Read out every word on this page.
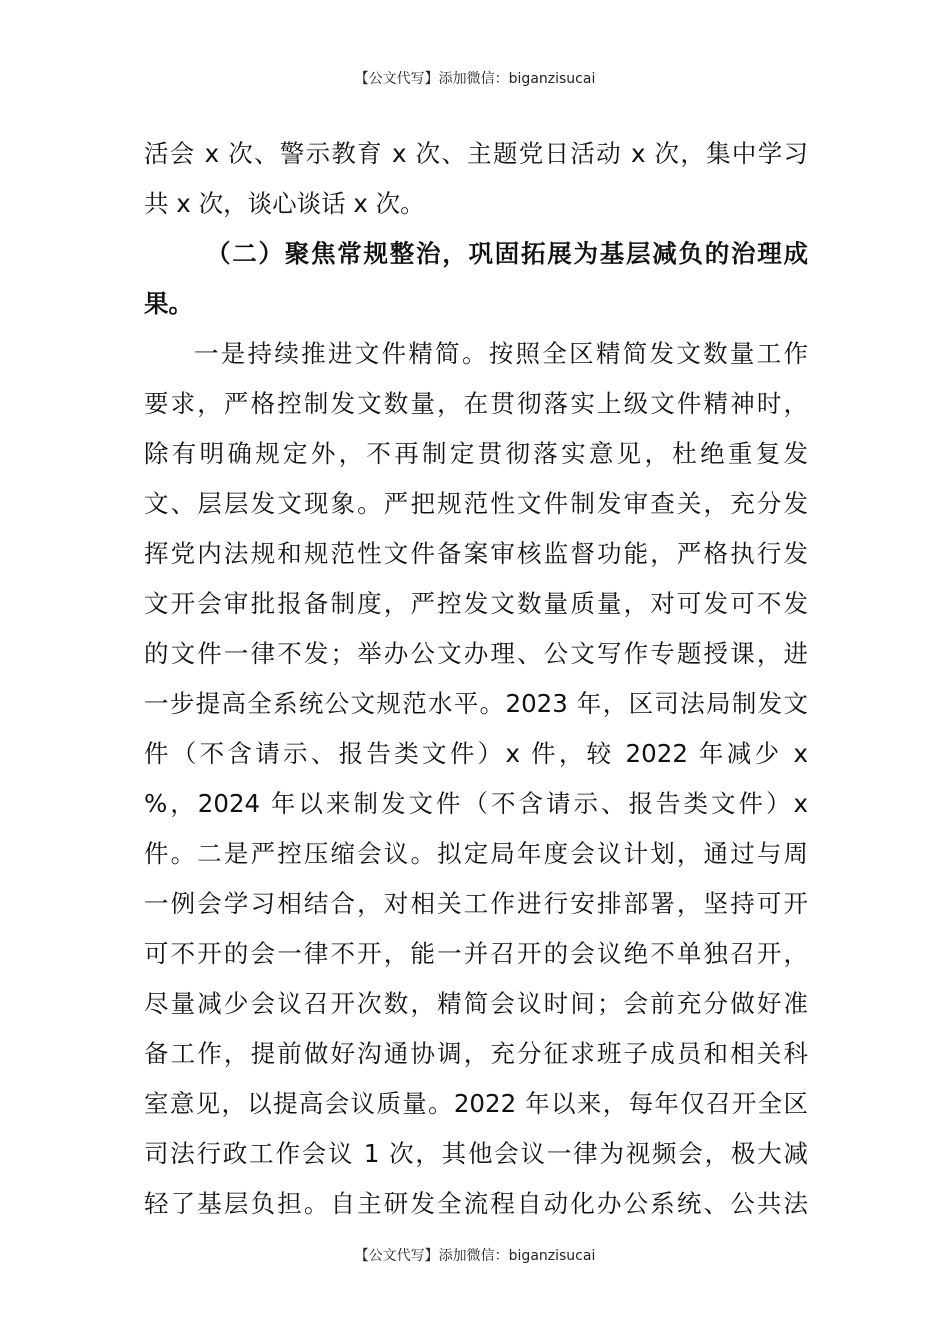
【公文代写】添加微信：biganzisucai
活会 x 次、警示教育 x 次、主题党日活动 x 次，集中学习
共 x 次，谈心谈话 x 次。
（二）聚焦常规整治，巩固拓展为基层减负的治理成
果。
一是持续推进文件精简。按照全区精简发文数量工作
要求，严格控制发文数量，在贯彻落实上级文件精神时，
除有明确规定外，不再制定贯彻落实意见，杜绝重复发
文、层层发文现象。严把规范性文件制发审查关，充分发
挥党内法规和规范性文件备案审核监督功能，严格执行发
文开会审批报备制度，严控发文数量质量，对可发可不发
的文件一律不发；举办公文办理、公文写作专题授课，进
一步提高全系统公文规范水平。2023 年，区司法局制发文
件（不含请示、报告类文件）x 件，较 2022 年减少 x
%，2024 年以来制发文件（不含请示、报告类文件）x
件。二是严控压缩会议。拟定局年度会议计划，通过与周
一例会学习相结合，对相关工作进行安排部署，坚持可开
可不开的会一律不开，能一并召开的会议绝不单独召开，
尽量减少会议召开次数，精简会议时间；会前充分做好准
备工作，提前做好沟通协调，充分征求班子成员和相关科
室意见，以提高会议质量。2022 年以来，每年仅召开全区
司法行政工作会议 1 次，其他会议一律为视频会，极大减
轻了基层负担。自主研发全流程自动化办公系统、公共法
【公文代写】添加微信：biganzisucai
